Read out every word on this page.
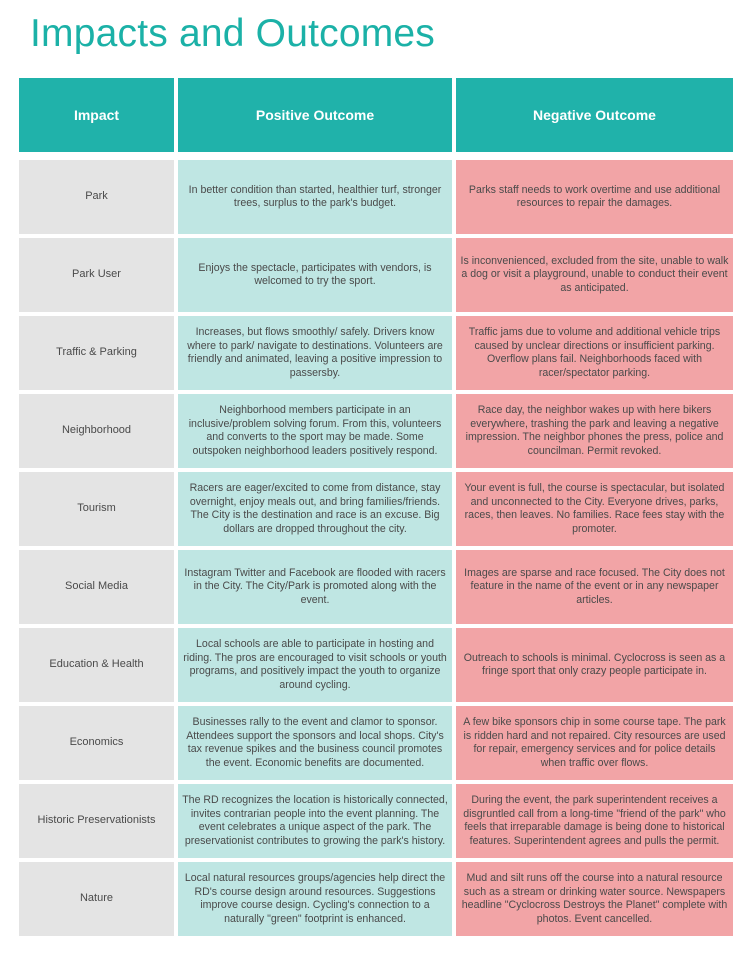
Impacts and Outcomes
Impact	Positive Outcome	Negative Outcome
Park
In better condition than started, healthier turf, stronger trees, surplus to the park's budget.
Parks staff needs to work overtime and use additional resources to repair the damages.
Park User
Enjoys the spectacle, participates with vendors, is welcomed to try the sport.
Is inconvenienced, excluded from the site, unable to walk a dog or visit a playground, unable to conduct their event as anticipated.
Traffic & Parking
Increases, but flows smoothly/ safely. Drivers know where to park/ navigate to destinations. Volunteers are friendly and animated, leaving a positive impression to passersby.
Traffic jams due to volume and additional vehicle trips caused by unclear directions or insufficient parking. Overflow plans fail. Neighborhoods faced with racer/spectator parking.
Neighborhood
Neighborhood members participate in an inclusive/problem solving forum. From this, volunteers and converts to the sport may be made. Some outspoken neighborhood leaders positively respond.
Race day, the neighbor wakes up with here bikers everywhere, trashing the park and leaving a negative impression. The neighbor phones the press, police and councilman. Permit revoked.
Tourism
Racers are eager/excited to come from distance, stay overnight, enjoy meals out, and bring families/friends. The City is the destination and race is an excuse. Big dollars are dropped throughout the city.
Your event is full, the course is spectacular, but isolated and unconnected to the City. Everyone drives, parks, races, then leaves. No families. Race fees stay with the promoter.
Social Media
Instagram Twitter and Facebook are flooded with racers in the City. The City/Park is promoted along with the event.
Images are sparse and race focused. The City does not feature in the name of the event or in any newspaper articles.
Education & Health
Local schools are able to participate in hosting and riding. The pros are encouraged to visit schools or youth programs, and positively impact the youth to organize around cycling.
Outreach to schools is minimal. Cyclocross is seen as a fringe sport that only crazy people participate in.
Economics
Businesses rally to the event and clamor to sponsor. Attendees support the sponsors and local shops. City's tax revenue spikes and the business council promotes the event. Economic benefits are documented.
A few bike sponsors chip in some course tape. The park is ridden hard and not repaired. City resources are used for repair, emergency services and for police details when traffic over flows.
Historic Preservationists
The RD recognizes the location is historically connected, invites contrarian people into the event planning. The event celebrates a unique aspect of the park. The preservationist contributes to growing the park's history.
During the event, the park superintendent receives a disgruntled call from a long-time "friend of the park" who feels that irreparable damage is being done to historical features. Superintendent agrees and pulls the permit.
Nature
Local natural resources groups/agencies help direct the RD's course design around resources. Suggestions improve course design. Cycling's connection to a naturally "green" footprint is enhanced.
Mud and silt runs off the course into a natural resource such as a stream or drinking water source. Newspapers headline "Cyclocross Destroys the Planet" complete with photos. Event cancelled.
